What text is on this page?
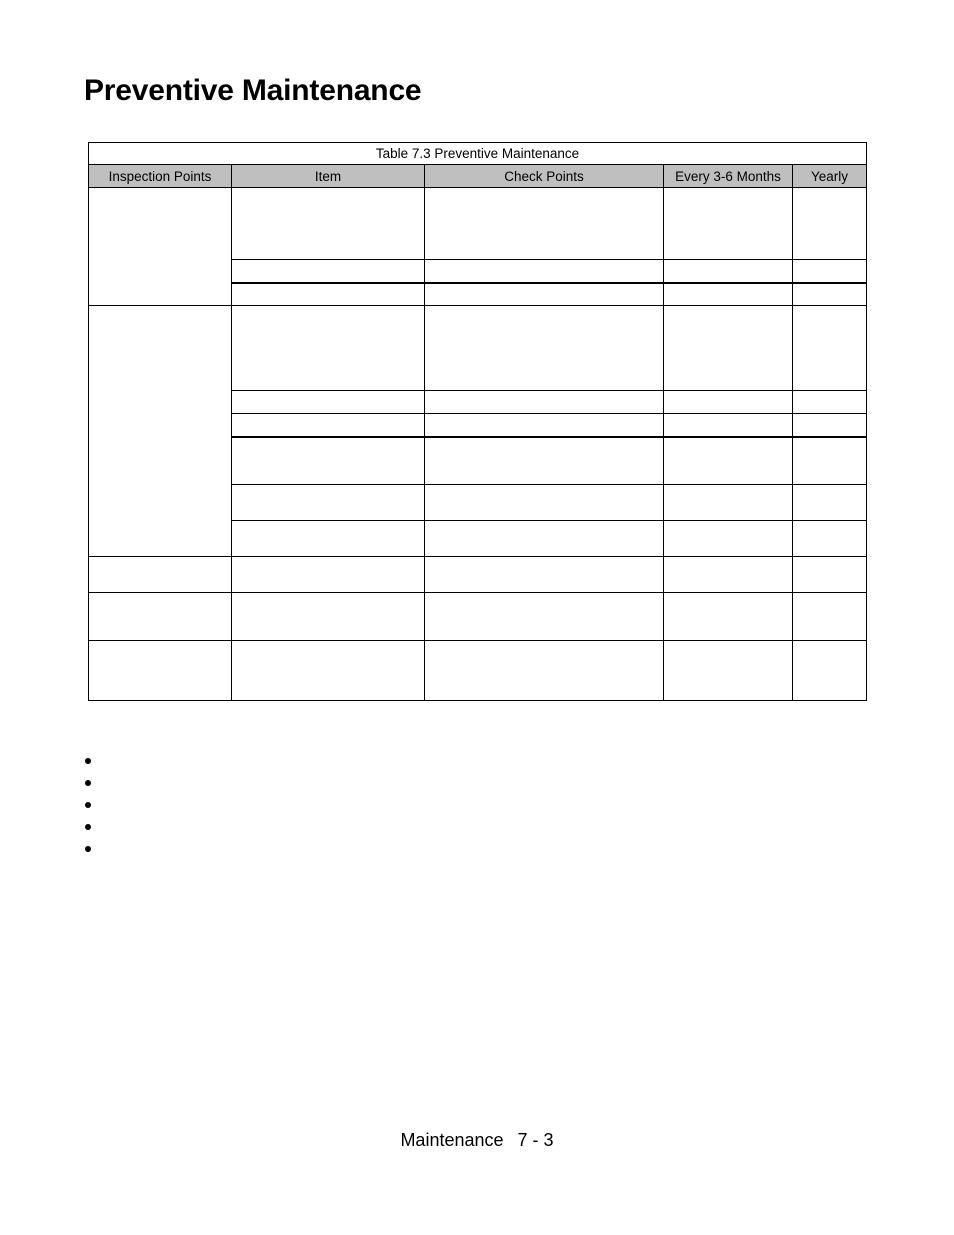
Preventive Maintenance
Table 7.3 Preventive Maintenance				
Inspection Points	Item	Check Points	Every 3-6 Months	Yearly

Maintenance 7 - 3
